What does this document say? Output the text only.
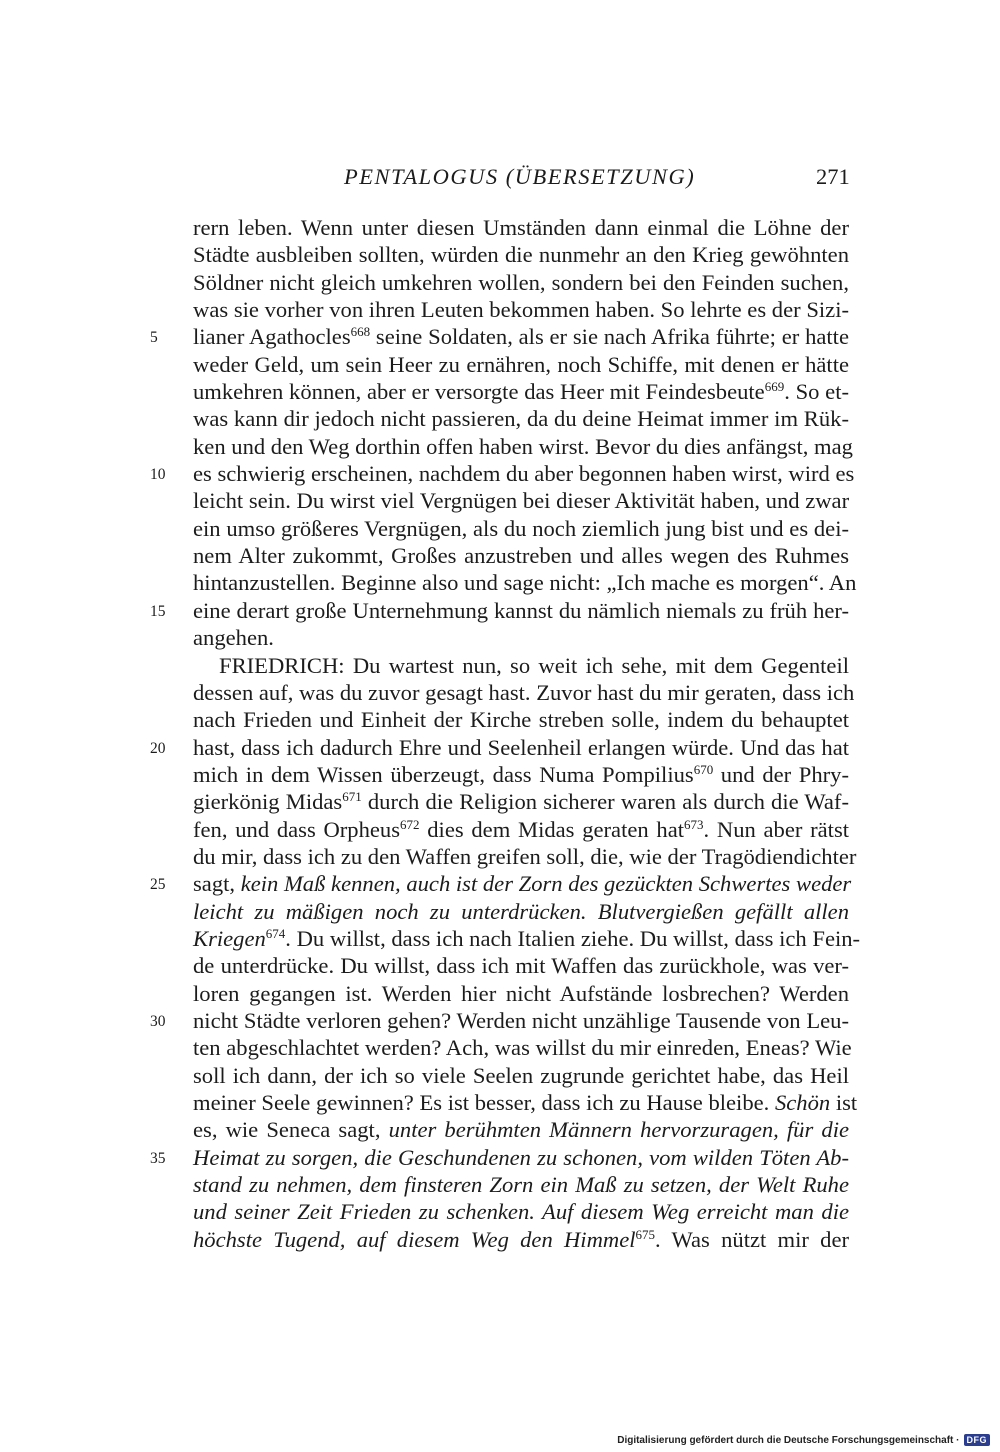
PENTALOGUS (ÜBERSETZUNG)	271
rern leben. Wenn unter diesen Umständen dann einmal die Löhne der
Städte ausbleiben sollten, würden die nunmehr an den Krieg gewöhnten
Söldner nicht gleich umkehren wollen, sondern bei den Feinden suchen,
was sie vorher von ihren Leuten bekommen haben. So lehrte es der Sizi-
5 lianer Agathocles$^{668}$ seine Soldaten, als er sie nach Afrika führte; er hatte
weder Geld, um sein Heer zu ernähren, noch Schiffe, mit denen er hätte
umkehren können, aber er versorgte das Heer mit Feindesbeute$^{669}$. So et-
was kann dir jedoch nicht passieren, da du deine Heimat immer im Rük-
ken und den Weg dorthin offen haben wirst. Bevor du dies anfängst, mag
10 es schwierig erscheinen, nachdem du aber begonnen haben wirst, wird es
leicht sein. Du wirst viel Vergnügen bei dieser Aktivität haben, und zwar
ein umso größeres Vergnügen, als du noch ziemlich jung bist und es dei-
nem Alter zukommt, Großes anzustreben und alles wegen des Ruhmes
hintanzustellen. Beginne also und sage nicht: „Ich mache es morgen“. An
15 eine derart große Unternehmung kannst du nämlich niemals zu früh her-
angehen.
FRIEDRICH: Du wartest nun, so weit ich sehe, mit dem Gegenteil
dessen auf, was du zuvor gesagt hast. Zuvor hast du mir geraten, dass ich
nach Frieden und Einheit der Kirche streben solle, indem du behauptet
20 hast, dass ich dadurch Ehre und Seelenheil erlangen würde. Und das hat
mich in dem Wissen überzeugt, dass Numa Pompilius$^{670}$ und der Phry-
gierkönig Midas$^{671}$ durch die Religion sicherer waren als durch die Waf-
fen, und dass Orpheus$^{672}$ dies dem Midas geraten hat$^{673}$. Nun aber rätst
du mir, dass ich zu den Waffen greifen soll, die, wie der Tragödiendichter
25 sagt, kein Maß kennen, auch ist der Zorn des gezückten Schwertes weder
leicht zu mäßigen noch zu unterdrücken. Blutvergießen gefällt allen
Kriegen$^{674}$. Du willst, dass ich nach Italien ziehe. Du willst, dass ich Fein-
de unterdrücke. Du willst, dass ich mit Waffen das zurückhole, was ver-
loren gegangen ist. Werden hier nicht Aufstände losbrechen? Werden
30 nicht Städte verloren gehen? Werden nicht unzählige Tausende von Leu-
ten abgeschlachtet werden? Ach, was willst du mir einreden, Eneas? Wie
soll ich dann, der ich so viele Seelen zugrunde gerichtet habe, das Heil
meiner Seele gewinnen? Es ist besser, dass ich zu Hause bleibe. Schön ist
es, wie Seneca sagt, unter berühmten Männern hervorzuragen, für die
35 Heimat zu sorgen, die Geschundenen zu schonen, vom wilden Töten Ab-
stand zu nehmen, dem finsteren Zorn ein Maß zu setzen, der Welt Ruhe
und seiner Zeit Frieden zu schenken. Auf diesem Weg erreicht man die
höchste Tugend, auf diesem Weg den Himmel$^{675}$. Was nützt mir der
Digitalisierung gefördert durch die Deutsche Forschungsgemeinschaft · DFG
